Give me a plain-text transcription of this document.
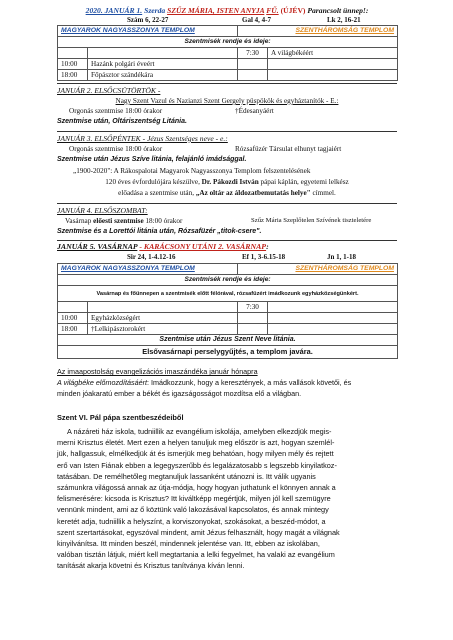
2020. JANUÁR 1. Szerda SZŰZ MÁRIA, ISTEN ANYJA FŰ. (ÚJÉV) Parancsolt ünnep!:
Szám 6, 22-27	Gal 4, 4-7	Lk 2, 16-21
MAGYAROK NAGYASSZONYA TEMPLOM		SZENTHÁROMSÁG TEMPLOM	
Szentmisék rendje és ideje:			
		7:30	A világbékéért
10:00	Hazánk polgári éveért		
18:00	Főpásztor szándékára		
JANUÁR 2. ELSŐCSÜTÖRTÖK -
Nagy Szent Vazul és Nazianzi Szent Gergely püspökök és egyháztanítók - E.:
Orgonás szentmise 18:00 órakor	†Édesanyáért
Szentmise után, Oltáriszentség Litánia.
JANUÁR 3. ELSŐPÉNTEK - Jézus Szentséges neve - e.:
Orgonás szentmise 18:00 órakor	Rózsafüzér Társulat elhunyt tagjaiért
Szentmise után Jézus Szíve litánia, felajánló imádsággal.
„1900-2020": A Rákospalotai Magyarok Nagyasszonya Templom felszentelésének
120 éves évfordulójára készülve, Dr. Pákozdi István pápai káplán, egyetemi lelkész
előadása a szentmise után, „Az oltár az áldozatbemutatás helye" címmel.
JANUÁR 4. ELSŐSZOMBAT:
Vasárnap előesti szentmise 18:00 órakor	Szűz Mária Szeplőtelen Szívének tiszteletére
Szentmise és a Lorettói litánia után, Rózsafüzér „titok-csere".
JANUÁR 5. VASÁRNAP - KARÁCSONY UTÁNI 2. VASÁRNAP:
Sir 24, 1-4.12-16	Ef 1, 3-6.15-18	Jn 1, 1-18
MAGYAROK NAGYASSZONYA TEMPLOM		SZENTHÁROMSÁG TEMPLOM	
Szentmisék rendje és ideje:			
Vasárnap és főünnepen a szentmisék előtt félórával, rózsafüzért imádkozunk egyházközségünkért.			
		7:30	
10:00	Egyházközségért		
18:00	†Lelkipásztorokért		
Szentmise után Jézus Szent Neve litánia.			
Elsővasárnapi perselygyűjtés, a templom javára.			
Az imaapostolság evangelizációs imaszándéka január hónapra
A világbéke előmozdításáért: Imádkozzunk, hogy a keresztények, a más vallások követői, és
minden jóakaratú ember a békét és igazságosságot mozdítsa elő a világban.
Szent VI. Pál pápa szentbeszédeiből
A názáreti ház iskola, tudniillik az evangélium iskolája, amelyben elkezdjük megis-
merni Krisztus életét. Mert ezen a helyen tanuljuk meg először is azt, hogyan szemlél-
jük, hallgassuk, elmélkedjük át és ismerjük meg behatóan, hogy milyen mély és rejtett
erő van Isten Fiának ebben a legegyszerűbb és legalázatosabb s legszebb kinyilatkoz-
tatásában. De remélhetőleg megtanuljuk lassanként utánozni is. Itt válik ugyanis
számunkra világossá annak az útja-módja, hogy hogyan juthatunk el könnyen annak a
felismerésére: kicsoda is Krisztus? Itt kiváltképp megértjük, milyen jól kell szemügyre
vennünk mindent, ami az ő köztünk való lakozásával kapcsolatos, és annak mintegy
keretét adja, tudniillik a helyszínt, a korviszonyokat, szokásokat, a beszéd-módot, a
szent szertartásokat, egyszóval mindent, amit Jézus felhasznált, hogy magát a világnak
kinyilvánítsa. Itt minden beszél, mindennek jelentése van. Itt, ebben az iskolában,
valóban tisztán látjuk, miért kell megtartania a lelki fegyelmet, ha valaki az evangélium
tanítását akarja követni és Krisztus tanítványa kíván lenni.
